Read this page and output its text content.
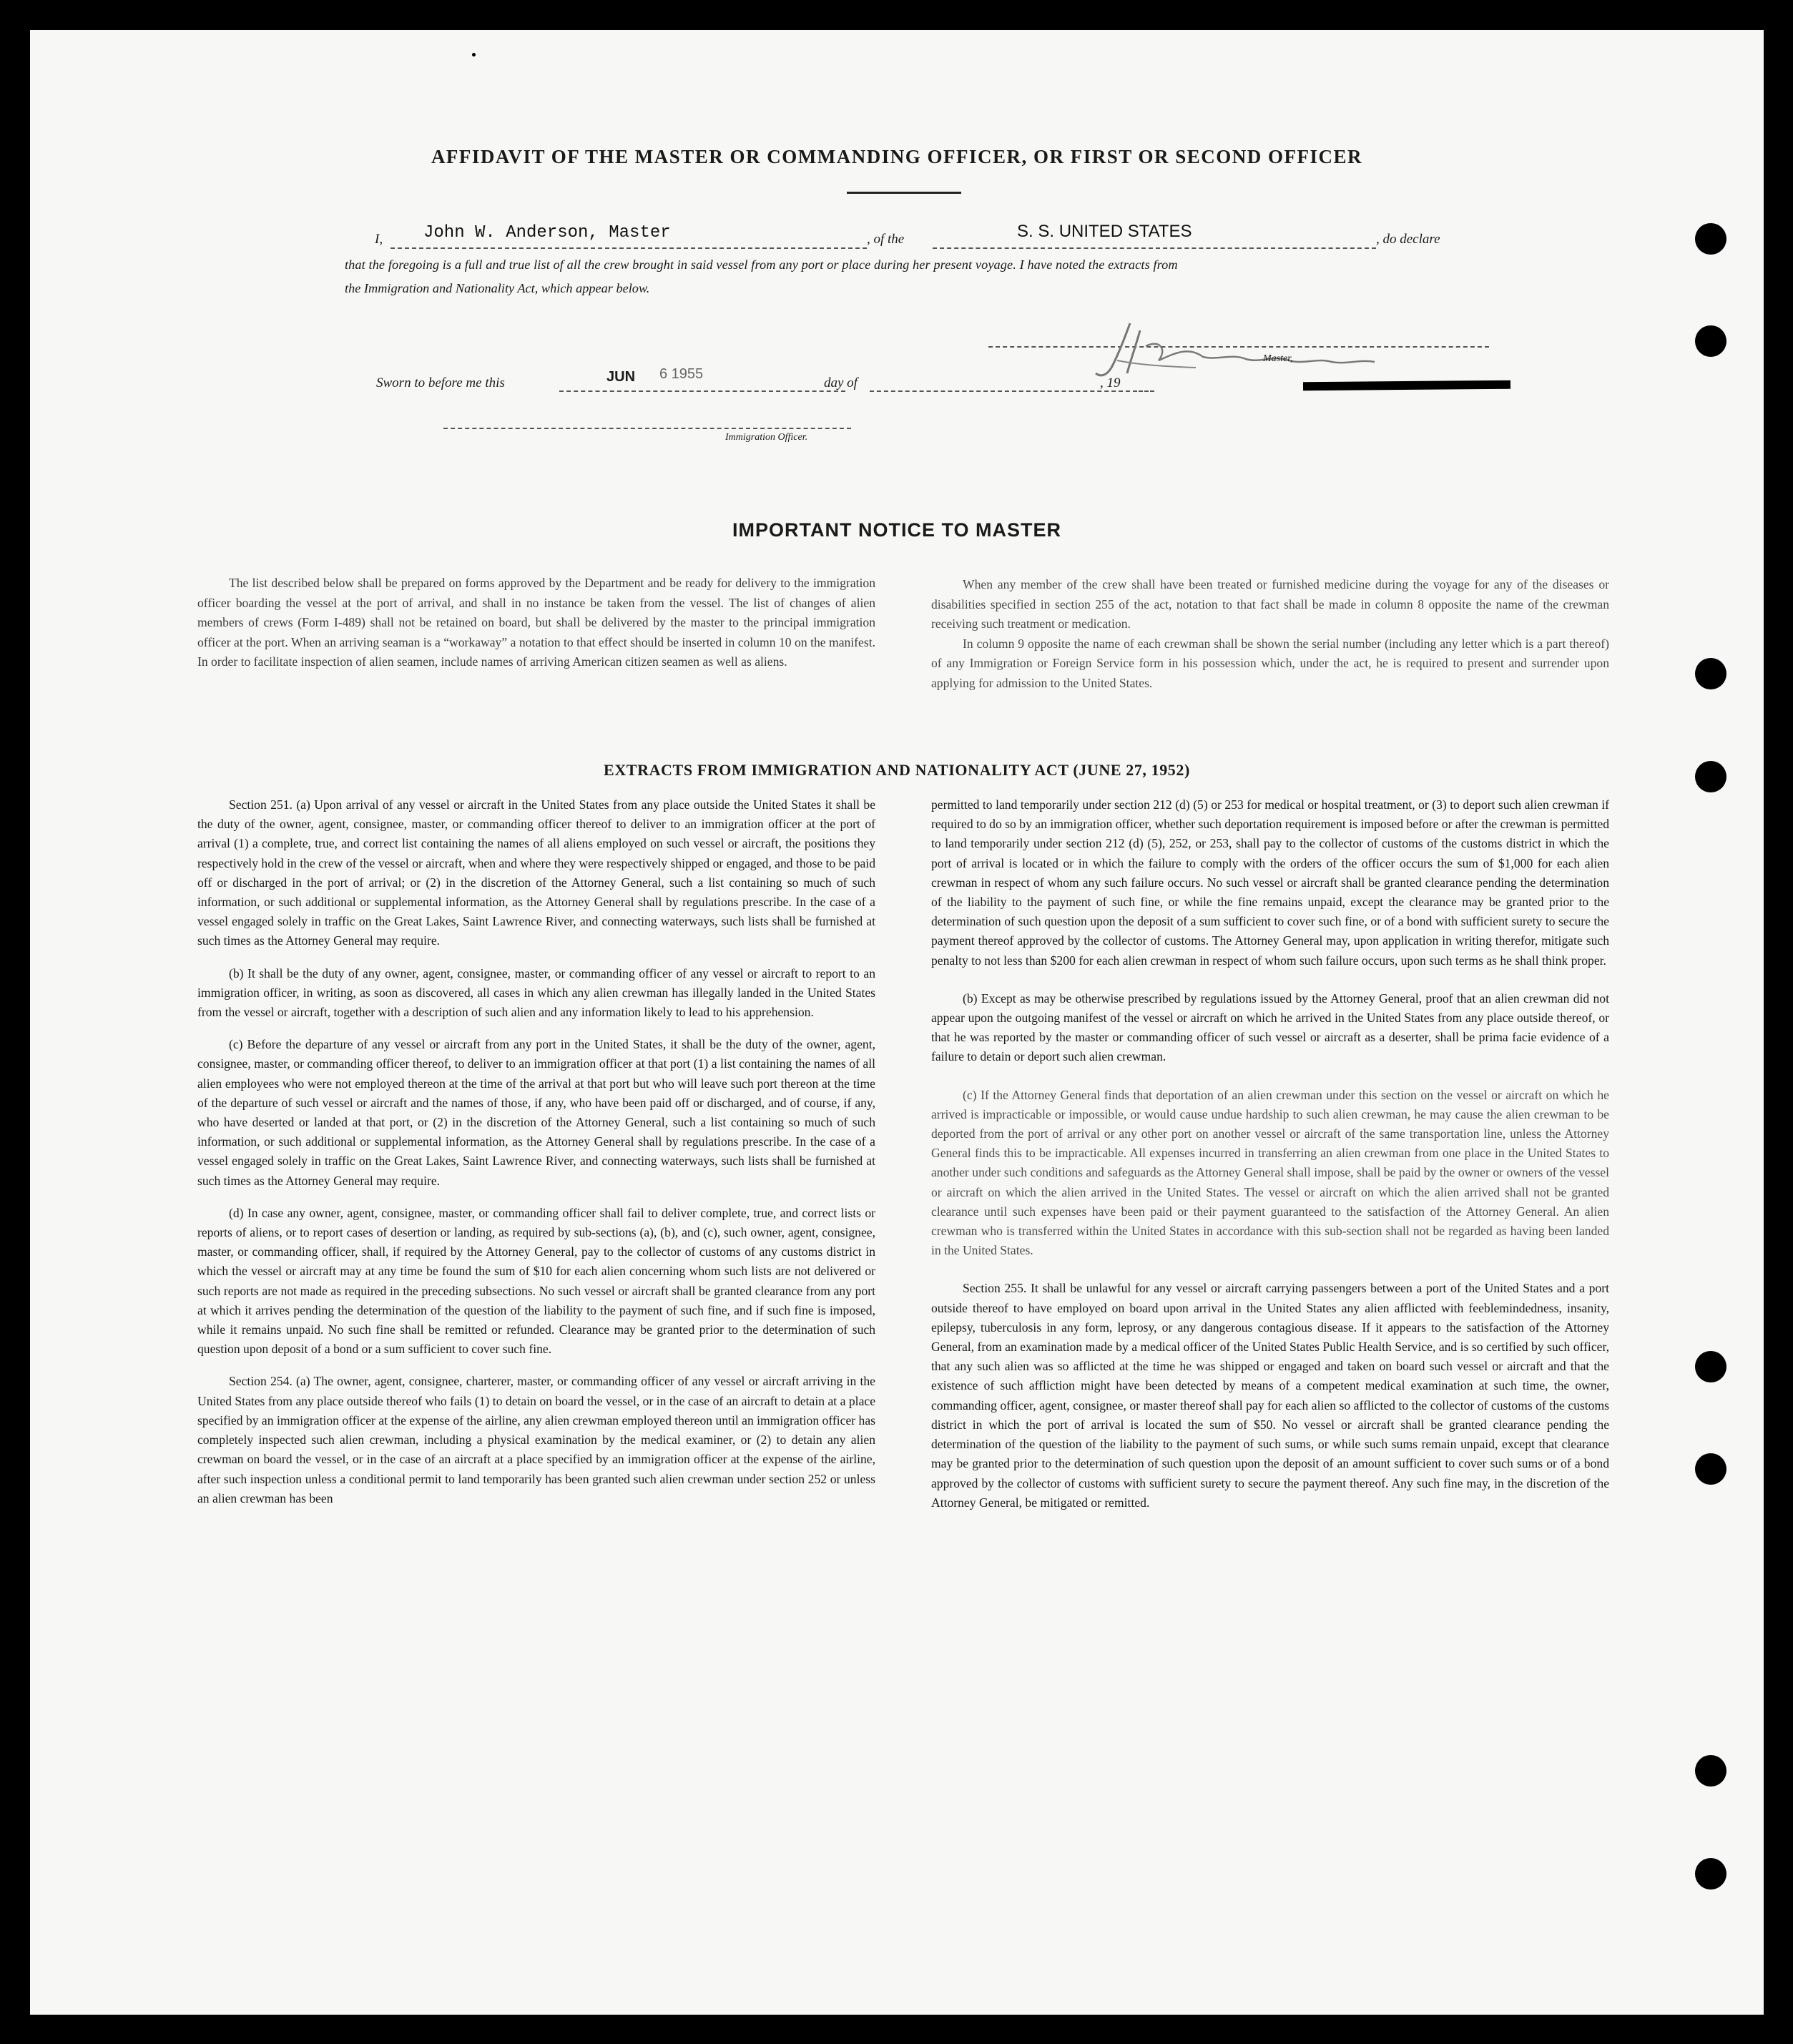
AFFIDAVIT OF THE MASTER OR COMMANDING OFFICER, OR FIRST OR SECOND OFFICER
I, John W. Anderson, Master	, of the	S. S. UNITED STATES	, do declare
that the foregoing is a full and true list of all the crew brought in said vessel from any port or place during her present voyage. I have noted the extracts from
the Immigration and Nationality Act, which appear below.
Master,
Sworn to before me this	JUN 6 1955
day of	, 19
Immigration Officer.
IMPORTANT NOTICE TO MASTER

The list described below shall be prepared on forms approved by the Department and be ready for delivery to the immigration officer boarding the vessel at the port of arrival, and shall in no instance be taken from the vessel. The list of changes of alien members of crews (Form I-489) shall not be retained on board, but shall be delivered by the master to the principal immigration officer at the port. When an arriving seaman is a “workaway” a notation to that effect should be inserted in column 10 on the manifest. In order to facilitate inspection of alien seamen, include names of arriving American citizen seamen as well as aliens.

When any member of the crew shall have been treated or furnished medicine during the voyage for any of the diseases or disabilities specified in section 255 of the act, notation to that fact shall be made in column 8 opposite the name of the crewman receiving such treatment or medication.

In column 9 opposite the name of each crewman shall be shown the serial number (including any letter which is a part thereof) of any Immigration or Foreign Service form in his possession which, under the act, he is required to present and surrender upon applying for admission to the United States.

EXTRACTS FROM IMMIGRATION AND NATIONALITY ACT (JUNE 27, 1952)

Section 251. (a) Upon arrival of any vessel or aircraft in the United States from any place outside the United States it shall be the duty of the owner, agent, consignee, master, or commanding officer thereof to deliver to an immigration officer at the port of arrival (1) a complete, true, and correct list containing the names of all aliens employed on such vessel or aircraft, the positions they respectively hold in the crew of the vessel or aircraft, when and where they were respectively shipped or engaged, and those to be paid off or discharged in the port of arrival; or (2) in the discretion of the Attorney General, such a list containing so much of such information, or such additional or supplemental information, as the Attorney General shall by regulations prescribe. In the case of a vessel engaged solely in traffic on the Great Lakes, Saint Lawrence River, and connecting waterways, such lists shall be furnished at such times as the Attorney General may require.

(b) It shall be the duty of any owner, agent, consignee, master, or commanding officer of any vessel or aircraft to report to an immigration officer, in writing, as soon as discovered, all cases in which any alien crewman has illegally landed in the United States from the vessel or aircraft, together with a description of such alien and any information likely to lead to his apprehension.

(c) Before the departure of any vessel or aircraft from any port in the United States, it shall be the duty of the owner, agent, consignee, master, or commanding officer thereof, to deliver to an immigration officer at that port (1) a list containing the names of all alien employees who were not employed thereon at the time of the arrival at that port but who will leave such port thereon at the time of the departure of such vessel or aircraft and the names of those, if any, who have been paid off or discharged, and of course, if any, who have deserted or landed at that port, or (2) in the discretion of the Attorney General, such a list containing so much of such information, or such additional or supplemental information, as the Attorney General shall by regulations prescribe. In the case of a vessel engaged solely in traffic on the Great Lakes, Saint Lawrence River, and connecting waterways, such lists shall be furnished at such times as the Attorney General may require.

(d) In case any owner, agent, consignee, master, or commanding officer shall fail to deliver complete, true, and correct lists or reports of aliens, or to report cases of desertion or landing, as required by sub-sections (a), (b), and (c), such owner, agent, consignee, master, or commanding officer, shall, if required by the Attorney General, pay to the collector of customs of any customs district in which the vessel or aircraft may at any time be found the sum of $10 for each alien concerning whom such lists are not delivered or such reports are not made as required in the preceding subsections. No such vessel or aircraft shall be granted clearance from any port at which it arrives pending the determination of the question of the liability to the payment of such fine, and if such fine is imposed, while it remains unpaid. No such fine shall be remitted or refunded. Clearance may be granted prior to the determination of such question upon deposit of a bond or a sum sufficient to cover such fine.

Section 254. (a) The owner, agent, consignee, charterer, master, or commanding officer of any vessel or aircraft arriving in the United States from any place outside thereof who fails (1) to detain on board the vessel, or in the case of an aircraft to detain at a place specified by an immigration officer at the expense of the airline, any alien crewman employed thereon until an immigration officer has completely inspected such alien crewman, including a physical examination by the medical examiner, or (2) to detain any alien crewman on board the vessel, or in the case of an aircraft at a place specified by an immigration officer at the expense of the airline, after such inspection unless a conditional permit to land temporarily has been granted such alien crewman under section 252 or unless an alien crewman has been

permitted to land temporarily under section 212 (d) (5) or 253 for medical or hospital treatment, or (3) to deport such alien crewman if required to do so by an immigration officer, whether such deportation requirement is imposed before or after the crewman is permitted to land temporarily under section 212 (d) (5), 252, or 253, shall pay to the collector of customs of the customs district in which the port of arrival is located or in which the failure to comply with the orders of the officer occurs the sum of $1,000 for each alien crewman in respect of whom any such failure occurs. No such vessel or aircraft shall be granted clearance pending the determination of the liability to the payment of such fine, or while the fine remains unpaid, except the clearance may be granted prior to the determination of such question upon the deposit of a sum sufficient to cover such fine, or of a bond with sufficient surety to secure the payment thereof approved by the collector of customs. The Attorney General may, upon application in writing therefor, mitigate such penalty to not less than $200 for each alien crewman in respect of whom such failure occurs, upon such terms as he shall think proper.

(b) Except as may be otherwise prescribed by regulations issued by the Attorney General, proof that an alien crewman did not appear upon the outgoing manifest of the vessel or aircraft on which he arrived in the United States from any place outside thereof, or that he was reported by the master or commanding officer of such vessel or aircraft as a deserter, shall be prima facie evidence of a failure to detain or deport such alien crewman.

(c) If the Attorney General finds that deportation of an alien crewman under this section on the vessel or aircraft on which he arrived is impracticable or impossible, or would cause undue hardship to such alien crewman, he may cause the alien crewman to be deported from the port of arrival or any other port on another vessel or aircraft of the same transportation line, unless the Attorney General finds this to be impracticable. All expenses incurred in transferring an alien crewman from one place in the United States to another under such conditions and safeguards as the Attorney General shall impose, shall be paid by the owner or owners of the vessel or aircraft on which the alien arrived in the United States. The vessel or aircraft on which the alien arrived shall not be granted clearance until such expenses have been paid or their payment guaranteed to the satisfaction of the Attorney General. An alien crewman who is transferred within the United States in accordance with this sub-section shall not be regarded as having been landed in the United States.

Section 255. It shall be unlawful for any vessel or aircraft carrying passengers between a port of the United States and a port outside thereof to have employed on board upon arrival in the United States any alien afflicted with feeblemindedness, insanity, epilepsy, tuberculosis in any form, leprosy, or any dangerous contagious disease. If it appears to the satisfaction of the Attorney General, from an examination made by a medical officer of the United States Public Health Service, and is so certified by such officer, that any such alien was so afflicted at the time he was shipped or engaged and taken on board such vessel or aircraft and that the existence of such affliction might have been detected by means of a competent medical examination at such time, the owner, commanding officer, agent, consignee, or master thereof shall pay for each alien so afflicted to the collector of customs of the customs district in which the port of arrival is located the sum of $50. No vessel or aircraft shall be granted clearance pending the determination of the question of the liability to the payment of such sums, or while such sums remain unpaid, except that clearance may be granted prior to the determination of such question upon the deposit of an amount sufficient to cover such sums or of a bond approved by the collector of customs with sufficient surety to secure the payment thereof. Any such fine may, in the discretion of the Attorney General, be mitigated or remitted.
